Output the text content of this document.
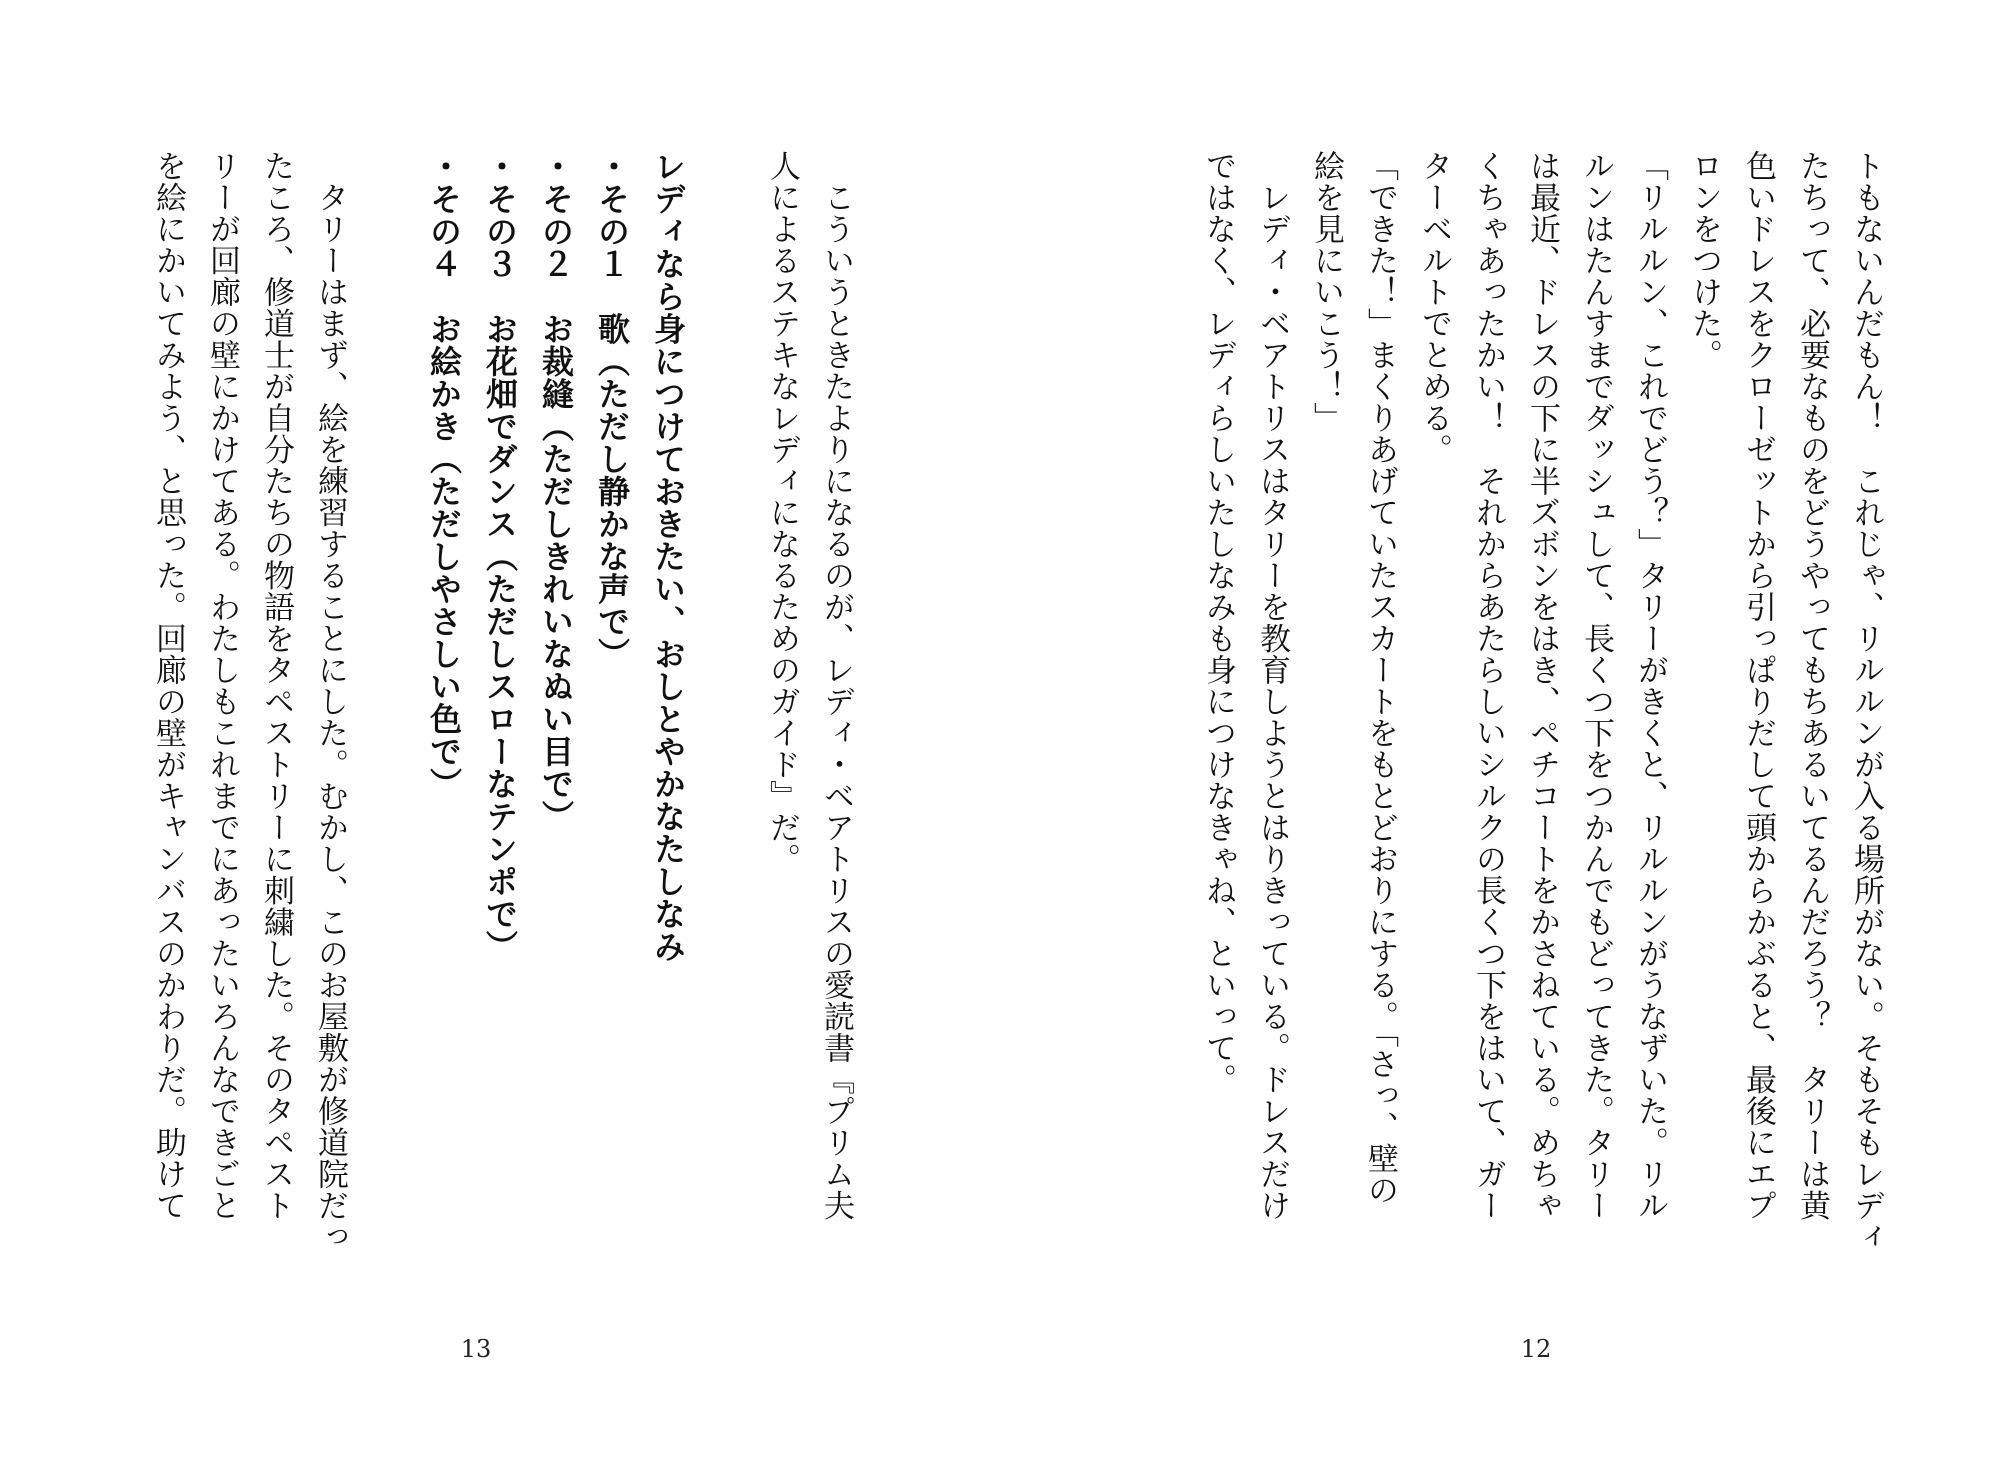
トもないんだもん！　これじゃ、リルルンが入る場所がない。そもそもレディ
たちって、必要なものをどうやってもちあるいてるんだろう？　タリーは黄
色いドレスをクローゼットから引っぱりだして頭からかぶると、最後にエプ
ロンをつけた。
「リルルン、これでどう？」タリーがきくと、リルルンがうなずいた。リル
ルンはたんすまでダッシュして、長くつ下をつかんでもどってきた。タリー
は最近、ドレスの下に半ズボンをはき、ペチコートをかさねている。めちゃ
くちゃあったかい！　それからあたらしいシルクの長くつ下をはいて、ガー
ターベルトでとめる。
「できた！」まくりあげていたスカートをもとどおりにする。「さっ、壁の
絵を見にいこう！」
　レディ・ベアトリスはタリーを教育しようとはりきっている。ドレスだけ
ではなく、レディらしいたしなみも身につけなきゃね、といって。
12
　こういうときたよりになるのが、レディ・ベアトリスの愛読書『プリム夫
人によるステキなレディになるためのガイド』だ。
レディなら身につけておきたい、おしとやかなたしなみ
・その１　歌（ただし静かな声で）
・その２　お裁縫（ただしきれいなぬい目で）
・その３　お花畑でダンス（ただしスローなテンポで）
・その４　お絵かき（ただしやさしい色で）
　タリーはまず、絵を練習することにした。むかし、このお屋敷が修道院だっ
たころ、修道士が自分たちの物語をタペストリーに刺繍した。そのタペスト
リーが回廊の壁にかけてある。わたしもこれまでにあったいろんなできごと
を絵にかいてみよう、と思った。回廊の壁がキャンバスのかわりだ。助けて
13
